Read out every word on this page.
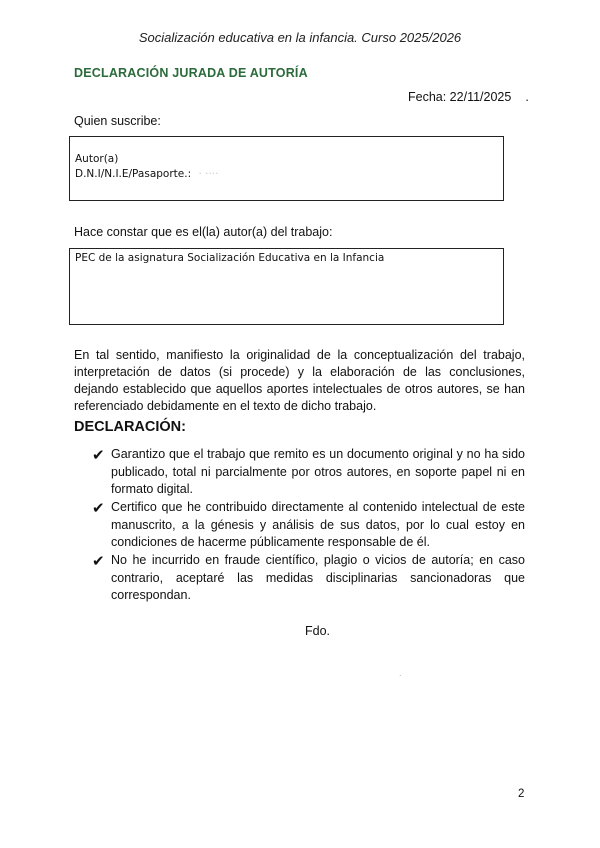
Socialización educativa en la infancia. Curso 2025/2026
DECLARACIÓN JURADA DE AUTORÍA
Fecha: 22/11/2025 .
Quien suscribe:
Autor(a)
D.N.I/N.I.E/Pasaporte.: · ····
Hace constar que es el(la) autor(a) del trabajo:
PEC de la asignatura Socialización Educativa en la Infancia
En tal sentido, manifiesto la originalidad de la conceptualización del trabajo, interpretación de datos (si procede) y la elaboración de las conclusiones, dejando establecido que aquellos aportes intelectuales de otros autores, se han referenciado debidamente en el texto de dicho trabajo.
DECLARACIÓN:
✔ Garantizo que el trabajo que remito es un documento original y no ha sido publicado, total ni parcialmente por otros autores, en soporte papel ni en formato digital.
✔ Certifico que he contribuido directamente al contenido intelectual de este manuscrito, a la génesis y análisis de sus datos, por lo cual estoy en condiciones de hacerme públicamente responsable de él.
✔ No he incurrido en fraude científico, plagio o vicios de autoría; en caso contrario, aceptaré las medidas disciplinarias sancionadoras que correspondan.
Fdo.
.
2
